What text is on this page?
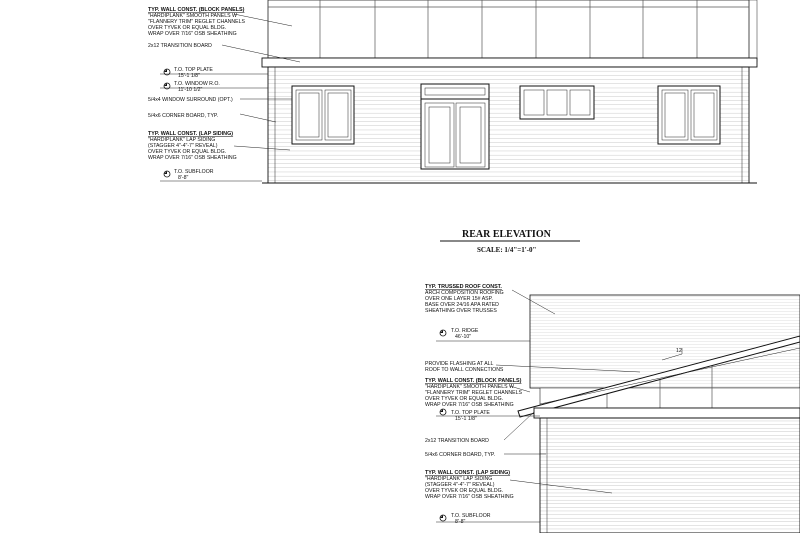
TYP. WALL CONST. (BLOCK PANELS)
"HARDIPLANK" SMOOTH PANELS W
"FLANNERY TRIM" REGLET CHANNELS
OVER TYVEK OR EQUAL BLDG.
WRAP OVER 7/16" OSB SHEATHING
2x12 TRANSITION BOARD
T.O. TOP PLATE
15'-1 1/8"
T.O. WINDOW R.O.
11'-10 1/2"
5/4x4 WINDOW SURROUND (OPT.)
5/4x6 CORNER BOARD, TYP.
TYP. WALL CONST. (LAP SIDING)
"HARDIPLANK" LAP SIDING
(STAGGER 4"-4"-7" REVEAL)
OVER TYVEK OR EQUAL BLDG.
WRAP OVER 7/16" OSB SHEATHING
T.O. SUBFLOOR
8'-8"
REAR ELEVATION
SCALE: 1/4"=1'-0"
12
TYP. TRUSSED ROOF CONST.
ARCH COMPOSITION ROOFING
OVER ONE LAYER 15# ASP.
BASE OVER 24/16 APA RATED
SHEATHING OVER TRUSSES
T.O. RIDGE
46'-10"
PROVIDE FLASHING AT ALL
ROOF TO WALL CONNECTIONS
TYP. WALL CONST. (BLOCK PANELS)
"HARDIPLANK" SMOOTH PANELS W
"FLANNERY TRIM" REGLET CHANNELS
OVER TYVEK OR EQUAL BLDG.
WRAP OVER 7/16" OSB SHEATHING
T.O. TOP PLATE
15'-1 1/8"
2x12 TRANSITION BOARD
5/4x6 CORNER BOARD, TYP.
TYP. WALL CONST. (LAP SIDING)
"HARDIPLANK" LAP SIDING
(STAGGER 4"-4"-7" REVEAL)
OVER TYVEK OR EQUAL BLDG.
WRAP OVER 7/16" OSB SHEATHING
T.O. SUBFLOOR
8'-8"
